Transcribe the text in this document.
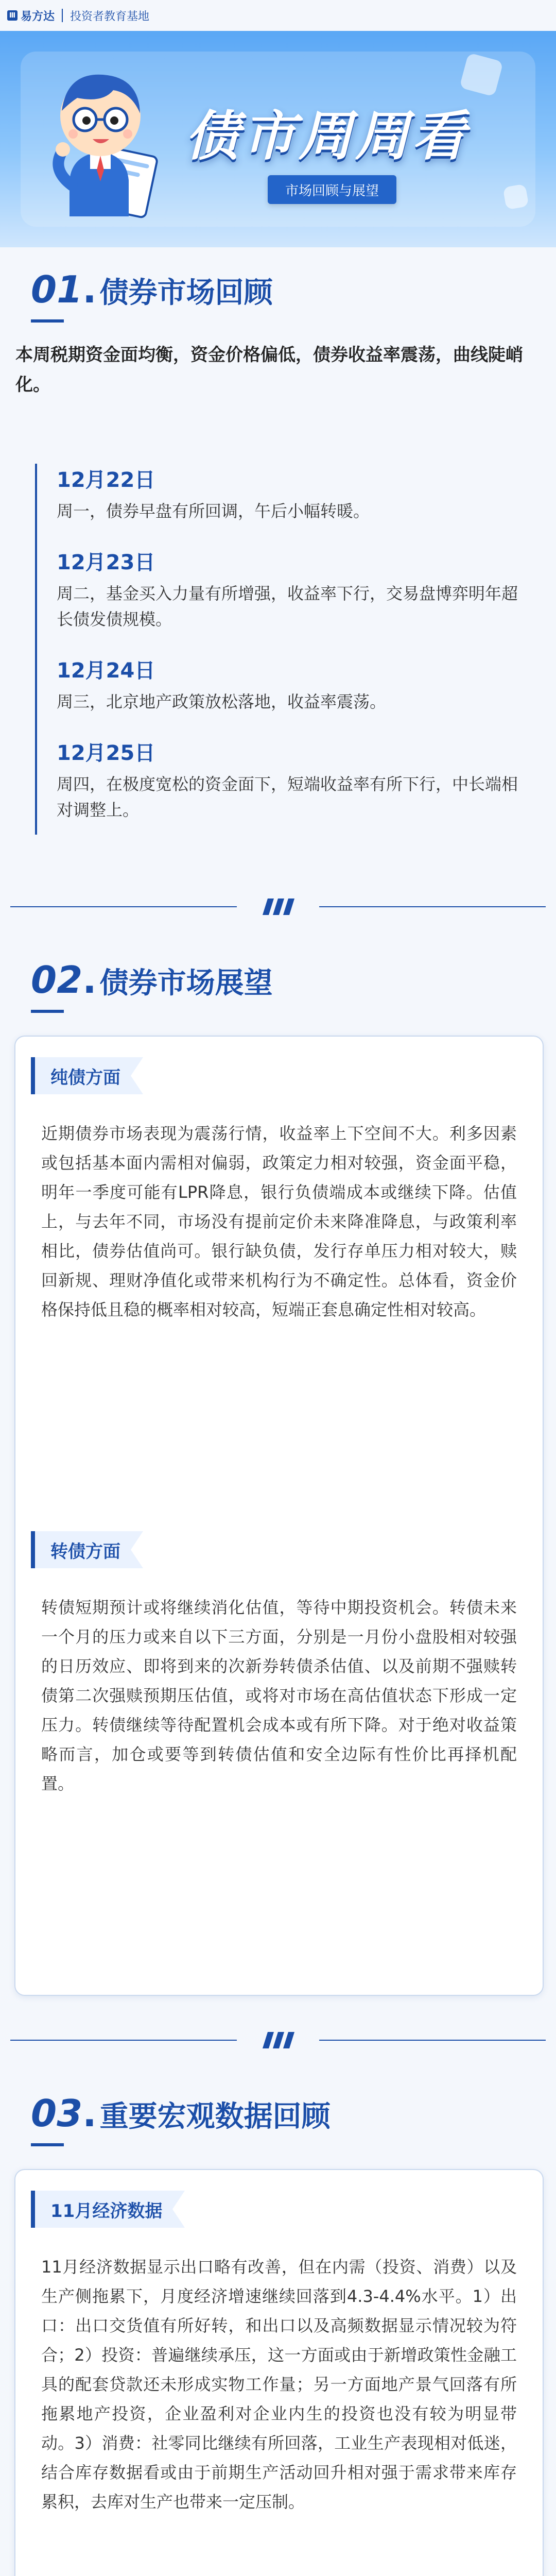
Ⅲ 易方达 投资者教育基地
债市周周看
市场回顾与展望
01 . 债券市场回顾
本周税期资金面均衡，资金价格偏低，债券收益率震荡，曲线陡峭化。
12月22日
周一，债券早盘有所回调，午后小幅转暖。
12月23日
周二，基金买入力量有所增强，收益率下行，交易盘博弈明年超长债发债规模。
12月24日
周三，北京地产政策放松落地，收益率震荡。
12月25日
周四，在极度宽松的资金面下，短端收益率有所下行，中长端相对调整上。
02 . 债券市场展望
纯债方面
近期债券市场表现为震荡行情，收益率上下空间不大。利多因素或包括基本面内需相对偏弱，政策定力相对较强，资金面平稳，明年一季度可能有LPR降息，银行负债端成本或继续下降。估值上，与去年不同，市场没有提前定价未来降准降息，与政策利率相比，债券估值尚可。银行缺负债，发行存单压力相对较大，赎回新规、理财净值化或带来机构行为不确定性。总体看，资金价格保持低且稳的概率相对较高，短端正套息确定性相对较高。
转债方面
转债短期预计或将继续消化估值，等待中期投资机会。转债未来一个月的压力或来自以下三方面，分别是一月份小盘股相对较强的日历效应、即将到来的次新券转债杀估值、以及前期不强赎转债第二次强赎预期压估值，或将对市场在高估值状态下形成一定压力。转债继续等待配置机会成本或有所下降。对于绝对收益策略而言，加仓或要等到转债估值和安全边际有性价比再择机配置。
03 . 重要宏观数据回顾
11月经济数据
11月经济数据显示出口略有改善，但在内需（投资、消费）以及生产侧拖累下，月度经济增速继续回落到4.3-4.4%水平。1）出口：出口交货值有所好转，和出口以及高频数据显示情况较为符合；2）投资：普遍继续承压，这一方面或由于新增政策性金融工具的配套贷款还未形成实物工作量；另一方面地产景气回落有所拖累地产投资，企业盈利对企业内生的投资也没有较为明显带动。3）消费：社零同比继续有所回落，工业生产表现相对低迷，结合库存数据看或由于前期生产活动回升相对强于需求带来库存累积，去库对生产也带来一定压制。
